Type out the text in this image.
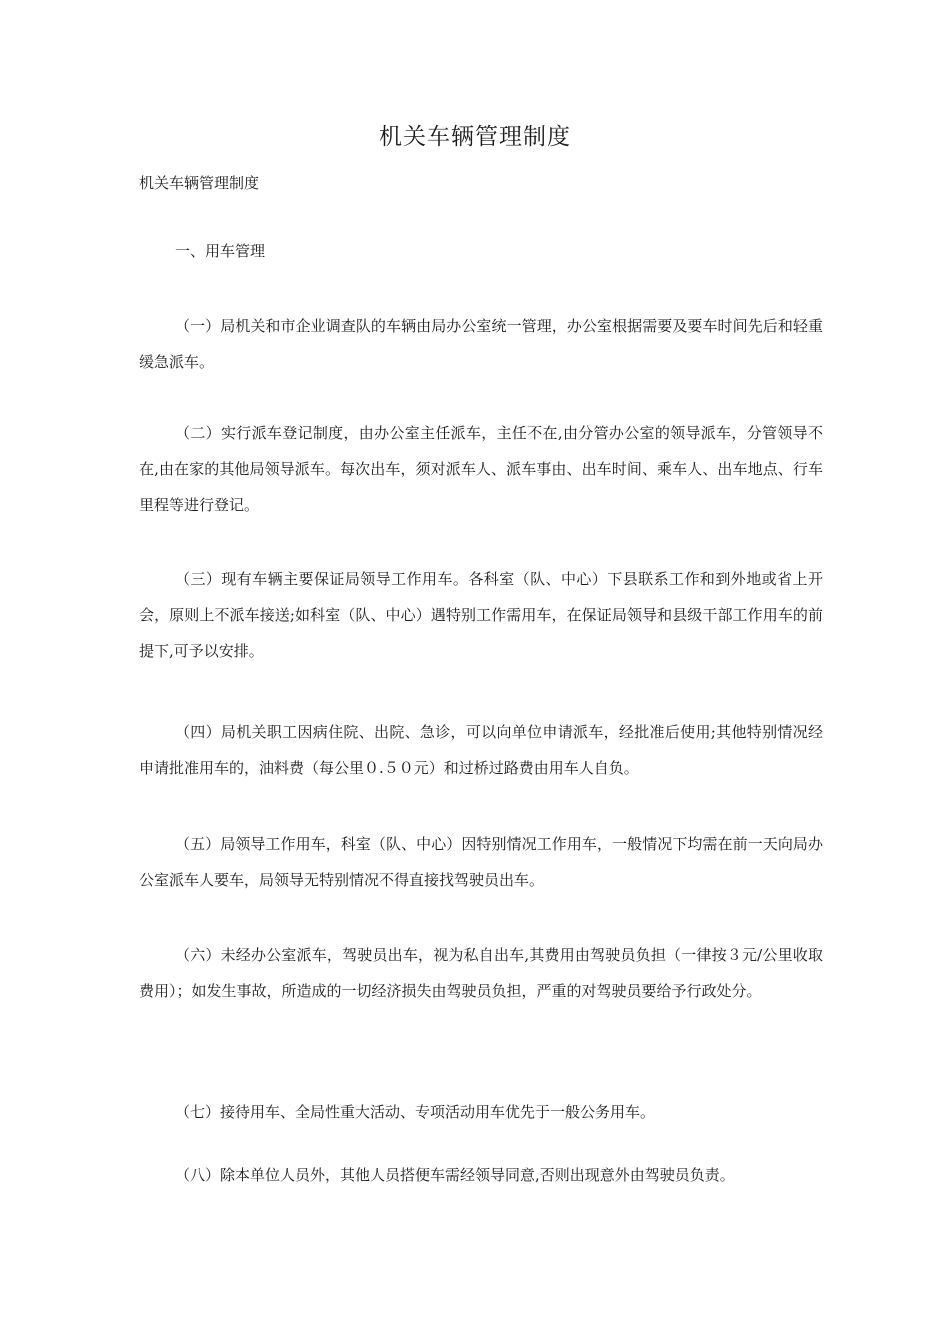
机关车辆管理制度

机关车辆管理制度

一、用车管理

（一）局机关和市企业调查队的车辆由局办公室统一管理，办公室根据需要及要车时间先后和轻重缓急派车。

（二）实行派车登记制度，由办公室主任派车，主任不在,由分管办公室的领导派车，分管领导不在,由在家的其他局领导派车。每次出车，须对派车人、派车事由、出车时间、乘车人、出车地点、行车里程等进行登记。

（三）现有车辆主要保证局领导工作用车。各科室（队、中心）下县联系工作和到外地或省上开会，原则上不派车接送;如科室（队、中心）遇特别工作需用车，在保证局领导和县级干部工作用车的前提下,可予以安排。

（四）局机关职工因病住院、出院、急诊，可以向单位申请派车，经批准后使用;其他特别情况经申请批准用车的，油料费（每公里０.５０元）和过桥过路费由用车人自负。

（五）局领导工作用车，科室（队、中心）因特别情况工作用车，一般情况下均需在前一天向局办公室派车人要车，局领导无特别情况不得直接找驾驶员出车。

（六）未经办公室派车，驾驶员出车，视为私自出车,其费用由驾驶员负担（一律按３元/公里收取费用）；如发生事故，所造成的一切经济损失由驾驶员负担，严重的对驾驶员要给予行政处分。

（七）接待用车、全局性重大活动、专项活动用车优先于一般公务用车。

（八）除本单位人员外，其他人员搭便车需经领导同意,否则出现意外由驾驶员负责。
